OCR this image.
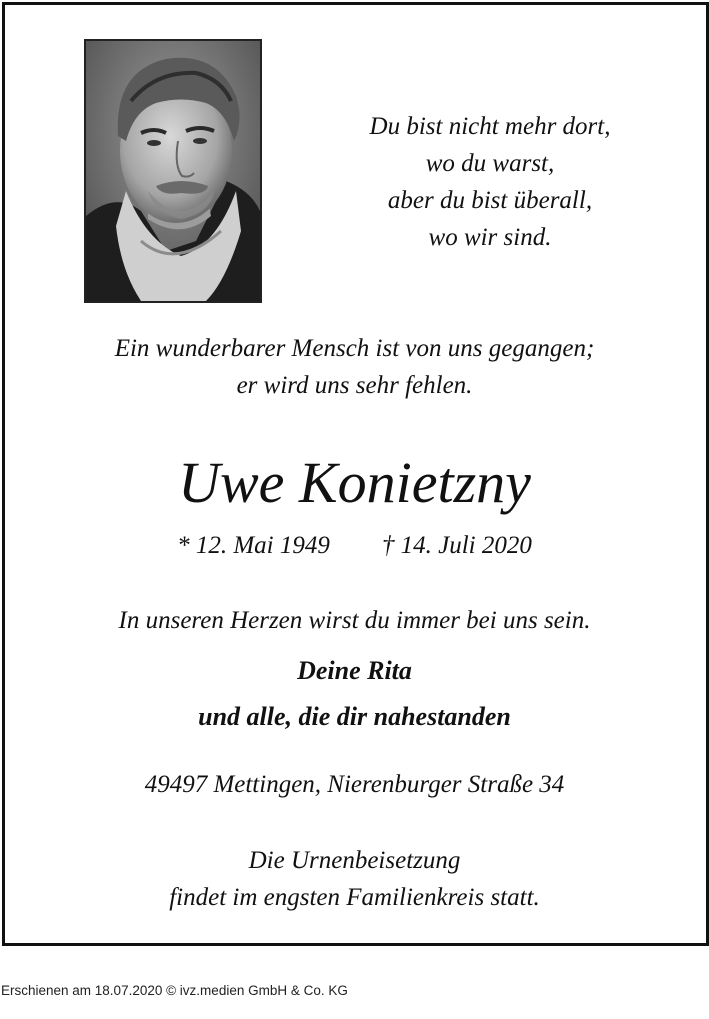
Du bist nicht mehr dort,
wo du warst,
aber du bist überall,
wo wir sind.
Ein wunderbarer Mensch ist von uns gegangen;
er wird uns sehr fehlen.
Uwe Konietzny
* 12. Mai 1949 † 14. Juli 2020
In unseren Herzen wirst du immer bei uns sein.
Deine Rita
und alle, die dir nahestanden
49497 Mettingen, Nierenburger Straße 34
Die Urnenbeisetzung
findet im engsten Familienkreis statt.
Erschienen am 18.07.2020 © ivz.medien GmbH & Co. KG
